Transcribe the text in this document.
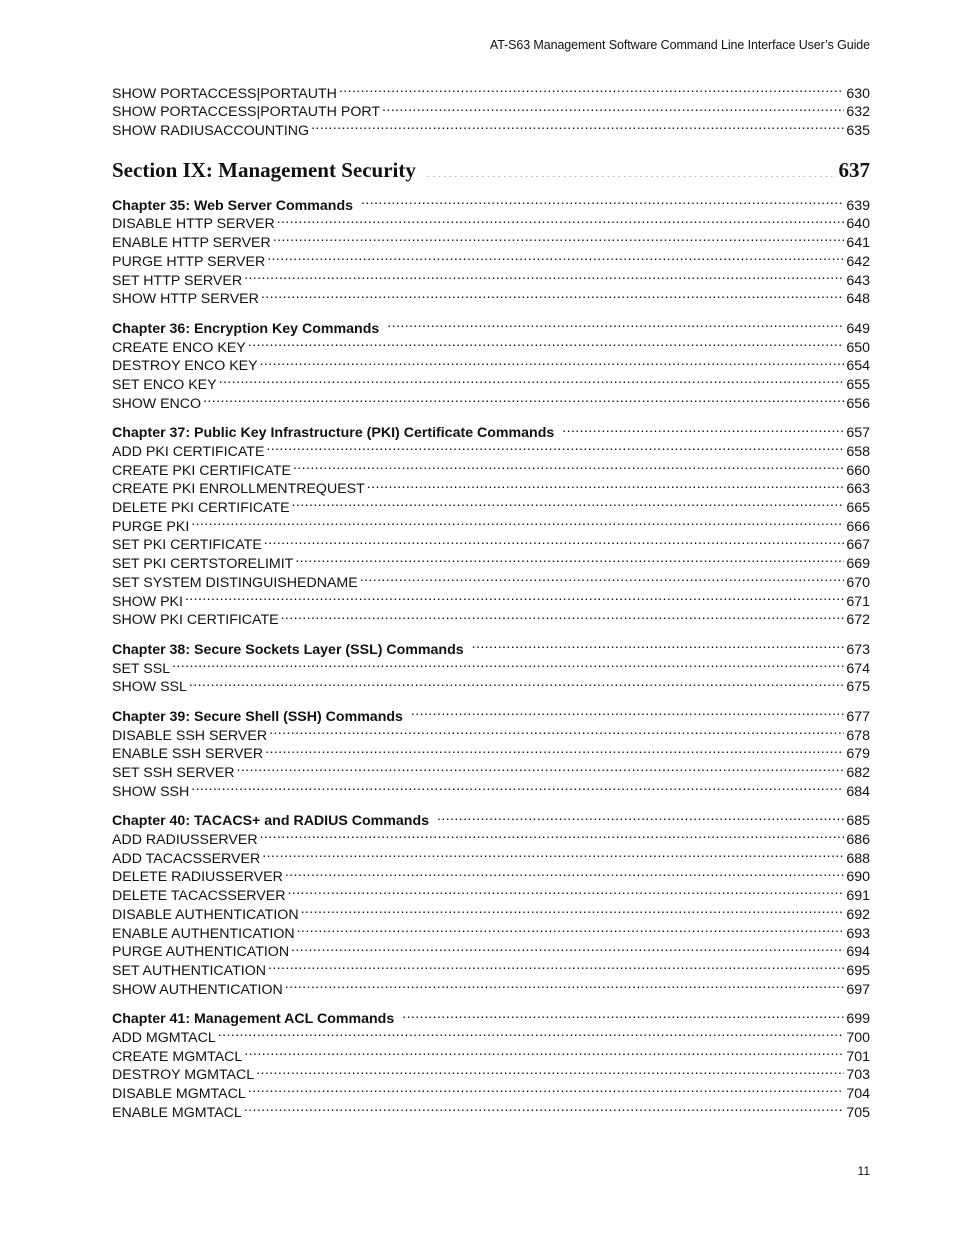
AT-S63 Management Software Command Line Interface User’s Guide
SHOW PORTACCESS|PORTAUTH .....	630
SHOW PORTACCESS|PORTAUTH PORT .....	632
SHOW RADIUSACCOUNTING .....	635
Section IX: Management Security .....	637
Chapter 35: Web Server Commands .....	639
DISABLE HTTP SERVER .....	640
ENABLE HTTP SERVER .....	641
PURGE HTTP SERVER .....	642
SET HTTP SERVER .....	643
SHOW HTTP SERVER .....	648
Chapter 36: Encryption Key Commands .....	649
CREATE ENCO KEY .....	650
DESTROY ENCO KEY .....	654
SET ENCO KEY .....	655
SHOW ENCO .....	656
Chapter 37: Public Key Infrastructure (PKI) Certificate Commands .....	657
ADD PKI CERTIFICATE .....	658
CREATE PKI CERTIFICATE .....	660
CREATE PKI ENROLLMENTREQUEST .....	663
DELETE PKI CERTIFICATE .....	665
PURGE PKI .....	666
SET PKI CERTIFICATE .....	667
SET PKI CERTSTORELIMIT .....	669
SET SYSTEM DISTINGUISHEDNAME .....	670
SHOW PKI .....	671
SHOW PKI CERTIFICATE .....	672
Chapter 38: Secure Sockets Layer (SSL) Commands .....	673
SET SSL .....	674
SHOW SSL .....	675
Chapter 39: Secure Shell (SSH) Commands .....	677
DISABLE SSH SERVER .....	678
ENABLE SSH SERVER .....	679
SET SSH SERVER .....	682
SHOW SSH .....	684
Chapter 40: TACACS+ and RADIUS Commands .....	685
ADD RADIUSSERVER .....	686
ADD TACACSSERVER .....	688
DELETE RADIUSSERVER .....	690
DELETE TACACSSERVER .....	691
DISABLE AUTHENTICATION .....	692
ENABLE AUTHENTICATION .....	693
PURGE AUTHENTICATION .....	694
SET AUTHENTICATION .....	695
SHOW AUTHENTICATION .....	697
Chapter 41: Management ACL Commands .....	699
ADD MGMTACL .....	700
CREATE MGMTACL .....	701
DESTROY MGMTACL .....	703
DISABLE MGMTACL .....	704
ENABLE MGMTACL .....	705
11
